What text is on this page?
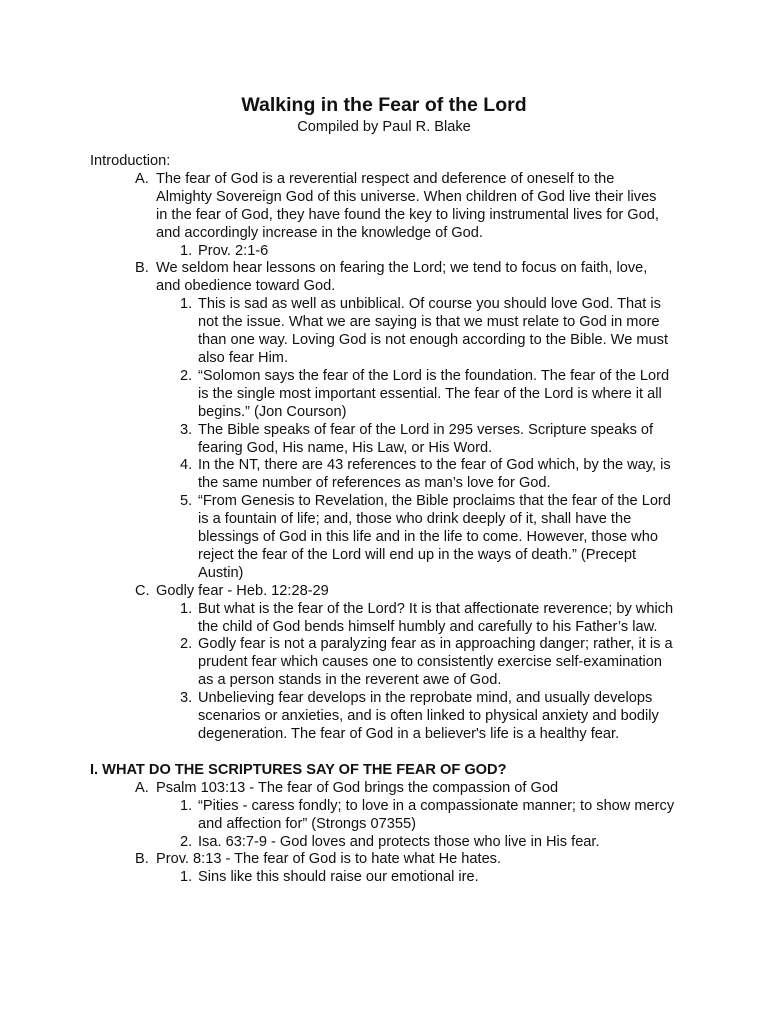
Walking in the Fear of the Lord
Compiled by Paul R. Blake

Introduction:

A. The fear of God is a reverential respect and deference of oneself to the Almighty Sovereign God of this universe. When children of God live their lives in the fear of God, they have found the key to living instrumental lives for God, and accordingly increase in the knowledge of God.
1. Prov. 2:1-6
B. We seldom hear lessons on fearing the Lord; we tend to focus on faith, love, and obedience toward God.
1. This is sad as well as unbiblical. Of course you should love God. That is not the issue. What we are saying is that we must relate to God in more than one way. Loving God is not enough according to the Bible. We must also fear Him.
2. “Solomon says the fear of the Lord is the foundation. The fear of the Lord is the single most important essential. The fear of the Lord is where it all begins.” (Jon Courson)
3. The Bible speaks of fear of the Lord in 295 verses. Scripture speaks of fearing God, His name, His Law, or His Word.
4. In the NT, there are 43 references to the fear of God which, by the way, is the same number of references as man’s love for God.
5. “From Genesis to Revelation, the Bible proclaims that the fear of the Lord is a fountain of life; and, those who drink deeply of it, shall have the blessings of God in this life and in the life to come. However, those who reject the fear of the Lord will end up in the ways of death.” (Precept Austin)
C. Godly fear - Heb. 12:28-29
1. But what is the fear of the Lord? It is that affectionate reverence; by which the child of God bends himself humbly and carefully to his Father’s law.
2. Godly fear is not a paralyzing fear as in approaching danger; rather, it is a prudent fear which causes one to consistently exercise self-examination as a person stands in the reverent awe of God.
3. Unbelieving fear develops in the reprobate mind, and usually develops scenarios or anxieties, and is often linked to physical anxiety and bodily degeneration. The fear of God in a believer's life is a healthy fear.

I. WHAT DO THE SCRIPTURES SAY OF THE FEAR OF GOD?

A. Psalm 103:13 - The fear of God brings the compassion of God
1. “Pities - caress fondly; to love in a compassionate manner; to show mercy and affection for” (Strongs 07355)
2. Isa. 63:7-9 - God loves and protects those who live in His fear.
B. Prov. 8:13 - The fear of God is to hate what He hates.
1. Sins like this should raise our emotional ire.
